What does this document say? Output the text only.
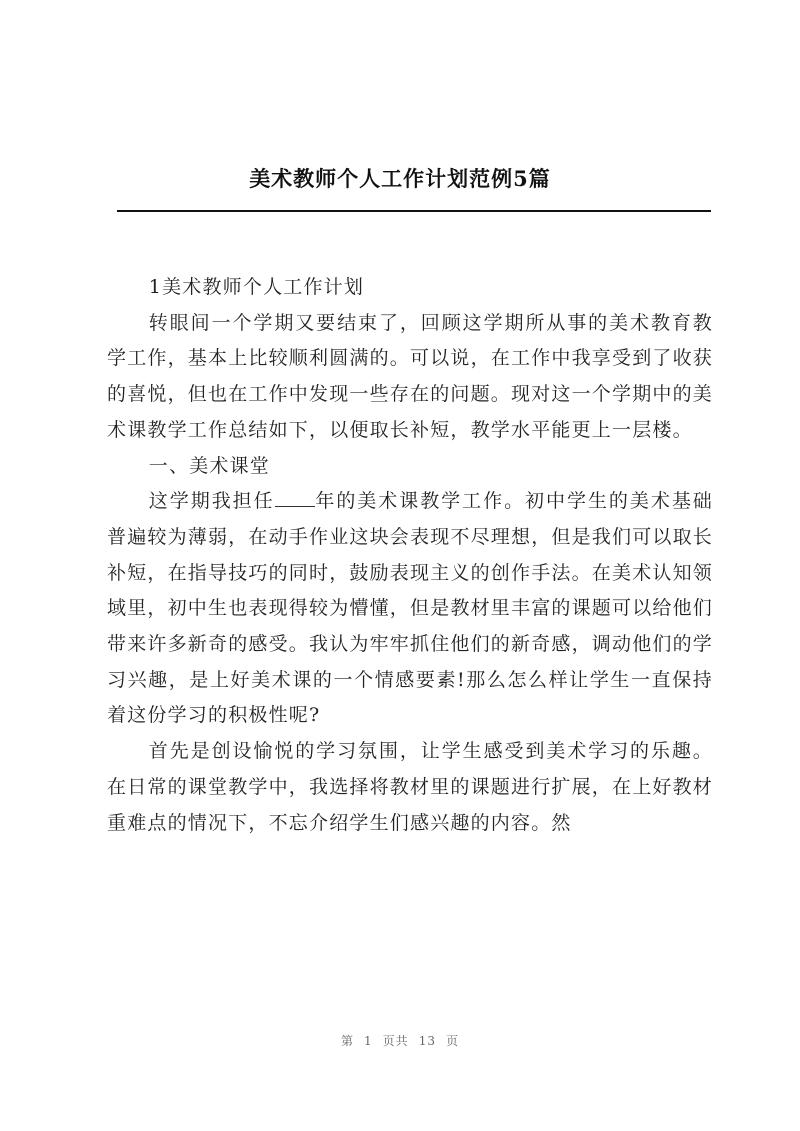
美术教师个人工作计划范例5篇

1美术教师个人工作计划

转眼间一个学期又要结束了，回顾这学期所从事的美术教育教学工作，基本上比较顺利圆满的。可以说，在工作中我享受到了收获的喜悦，但也在工作中发现一些存在的问题。现对这一个学期中的美术课教学工作总结如下，以便取长补短，教学水平能更上一层楼。

一、美术课堂

这学期我担任 年的美术课教学工作。初中学生的美术基础普遍较为薄弱，在动手作业这块会表现不尽理想，但是我们可以取长补短，在指导技巧的同时，鼓励表现主义的创作手法。在美术认知领域里，初中生也表现得较为懵懂，但是教材里丰富的课题可以给他们带来许多新奇的感受。我认为牢牢抓住他们的新奇感，调动他们的学习兴趣，是上好美术课的一个情感要素!那么怎么样让学生一直保持着这份学习的积极性呢?

首先是创设愉悦的学习氛围，让学生感受到美术学习的乐趣。在日常的课堂教学中，我选择将教材里的课题进行扩展，在上好教材重难点的情况下，不忘介绍学生们感兴趣的内容。然

第 1 页共 13 页
